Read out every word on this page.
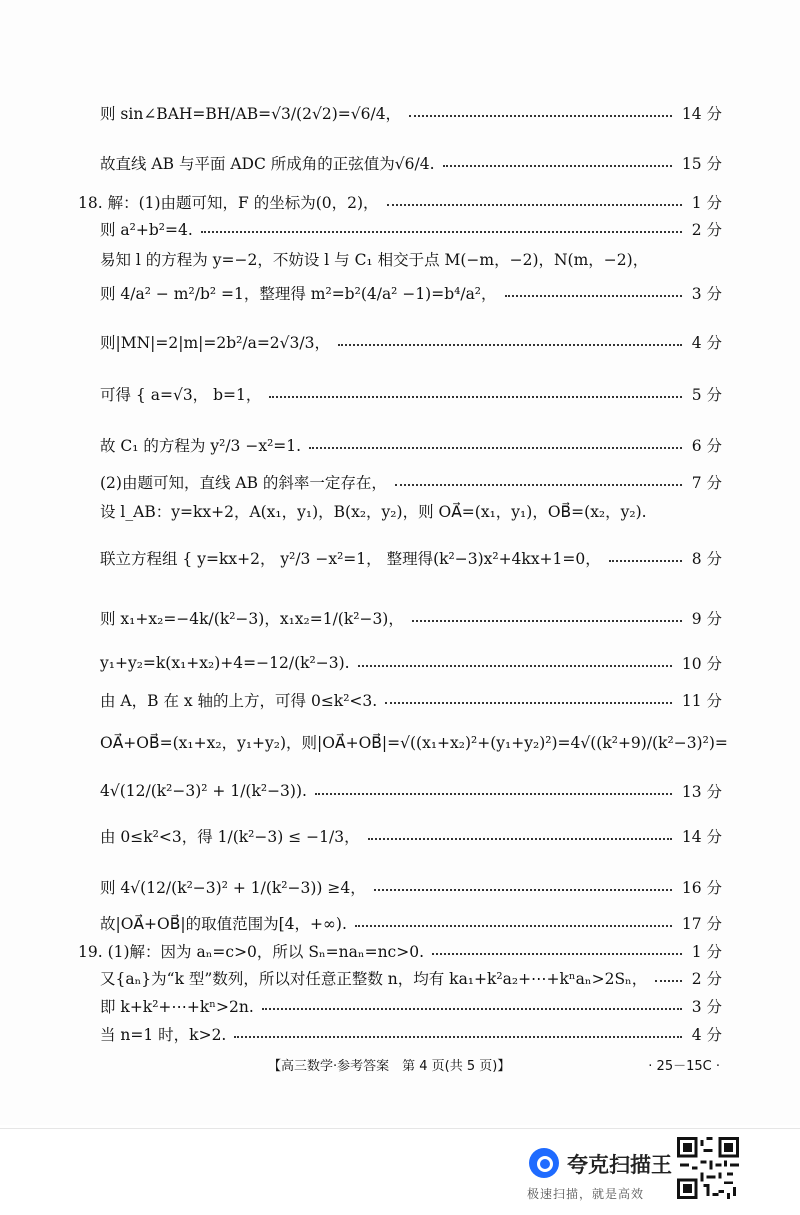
则 sin∠BAH=BH/AB=√3/(2√2)=√6/4，	14 分
故直线 AB 与平面 ADC 所成角的正弦值为√6/4.	15 分
18. 解：(1)由题可知，F 的坐标为(0，2)，	1 分
则 a²+b²=4.	2 分
易知 l 的方程为 y=−2，不妨设 l 与 C₁ 相交于点 M(−m，−2)，N(m，−2)，
则 4/a² − m²/b² =1，整理得 m²=b²(4/a² −1)=b⁴/a²，	3 分
则|MN|=2|m|=2b²/a=2√3/3，	4 分
可得 { a=√3， b=1，	5 分
故 C₁ 的方程为 y²/3 −x²=1.	6 分
(2)由题可知，直线 AB 的斜率一定存在，	7 分
设 l_AB：y=kx+2，A(x₁，y₁)，B(x₂，y₂)，则 OA⃗=(x₁，y₁)，OB⃗=(x₂，y₂).
联立方程组 { y=kx+2， y²/3 −x²=1， 整理得(k²−3)x²+4kx+1=0，	8 分
则 x₁+x₂=−4k/(k²−3)，x₁x₂=1/(k²−3)，	9 分
y₁+y₂=k(x₁+x₂)+4=−12/(k²−3).	10 分
由 A，B 在 x 轴的上方，可得 0≤k²<3.	11 分
OA⃗+OB⃗=(x₁+x₂，y₁+y₂)，则|OA⃗+OB⃗|=√((x₁+x₂)²+(y₁+y₂)²)=4√((k²+9)/(k²−3)²)=
4√(12/(k²−3)² + 1/(k²−3)).	13 分
由 0≤k²<3，得 1/(k²−3) ≤ −1/3，	14 分
则 4√(12/(k²−3)² + 1/(k²−3)) ≥4，	16 分
故|OA⃗+OB⃗|的取值范围为[4，+∞).	17 分
19. (1)解：因为 aₙ=c>0，所以 Sₙ=naₙ=nc>0.	1 分
又{aₙ}为“k 型”数列，所以对任意正整数 n，均有 ka₁+k²a₂+⋯+kⁿaₙ>2Sₙ，	2 分
即 k+k²+⋯+kⁿ>2n.	3 分
当 n=1 时，k>2.	4 分
【高三数学·参考答案　第 4 页(共 5 页)】	· 25－15C ·
夸克扫描王
极速扫描，就是高效
